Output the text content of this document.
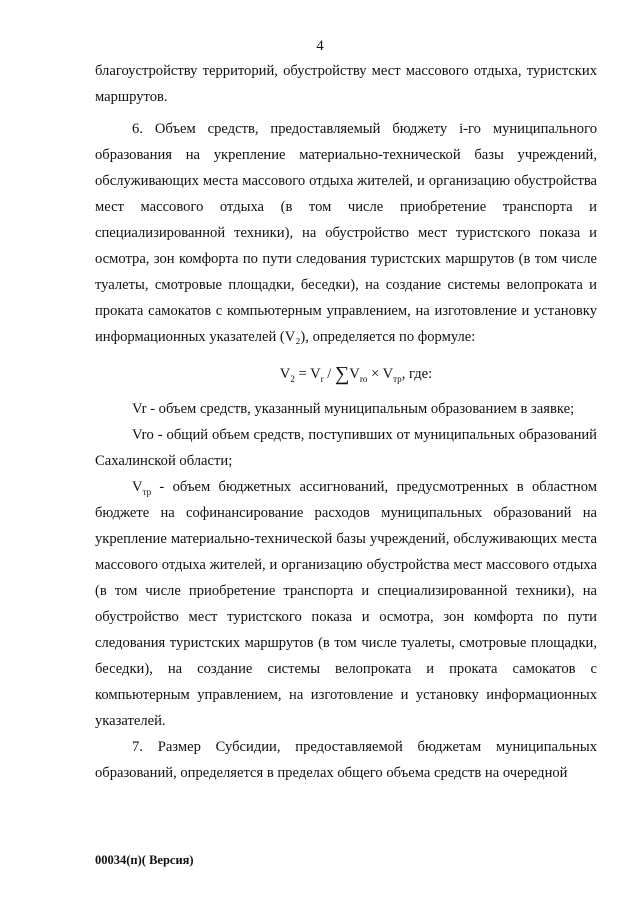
4

благоустройству территорий, обустройству мест массового отдыха, туристских маршрутов.

6. Объем средств, предоставляемый бюджету i-го муниципального образования на укрепление материально-технической базы учреждений, обслуживающих места массового отдыха жителей, и организацию обустройства мест массового отдыха (в том числе приобретение транспорта и специализированной техники), на обустройство мест туристского показа и осмотра, зон комфорта по пути следования туристских маршрутов (в том числе туалеты, смотровые площадки, беседки), на создание системы велопроката и проката самокатов с компьютерным управлением, на изготовление и установку информационных указателей (V₂), определяется по формуле:

$V_2 = V_r / \sum V_{ro} \times V_{тр}$, где:

Vr - объем средств, указанный муниципальным образованием в заявке;

Vro - общий объем средств, поступивших от муниципальных образований Сахалинской области;

$V_{тр}$ - объем бюджетных ассигнований, предусмотренных в областном бюджете на софинансирование расходов муниципальных образований на укрепление материально-технической базы учреждений, обслуживающих места массового отдыха жителей, и организацию обустройства мест массового отдыха (в том числе приобретение транспорта и специализированной техники), на обустройство мест туристского показа и осмотра, зон комфорта по пути следования туристских маршрутов (в том числе туалеты, смотровые площадки, беседки), на создание системы велопроката и проката самокатов с компьютерным управлением, на изготовление и установку информационных указателей.

7. Размер Субсидии, предоставляемой бюджетам муниципальных образований, определяется в пределах общего объема средств на очередной

00034(п)( Версия)
